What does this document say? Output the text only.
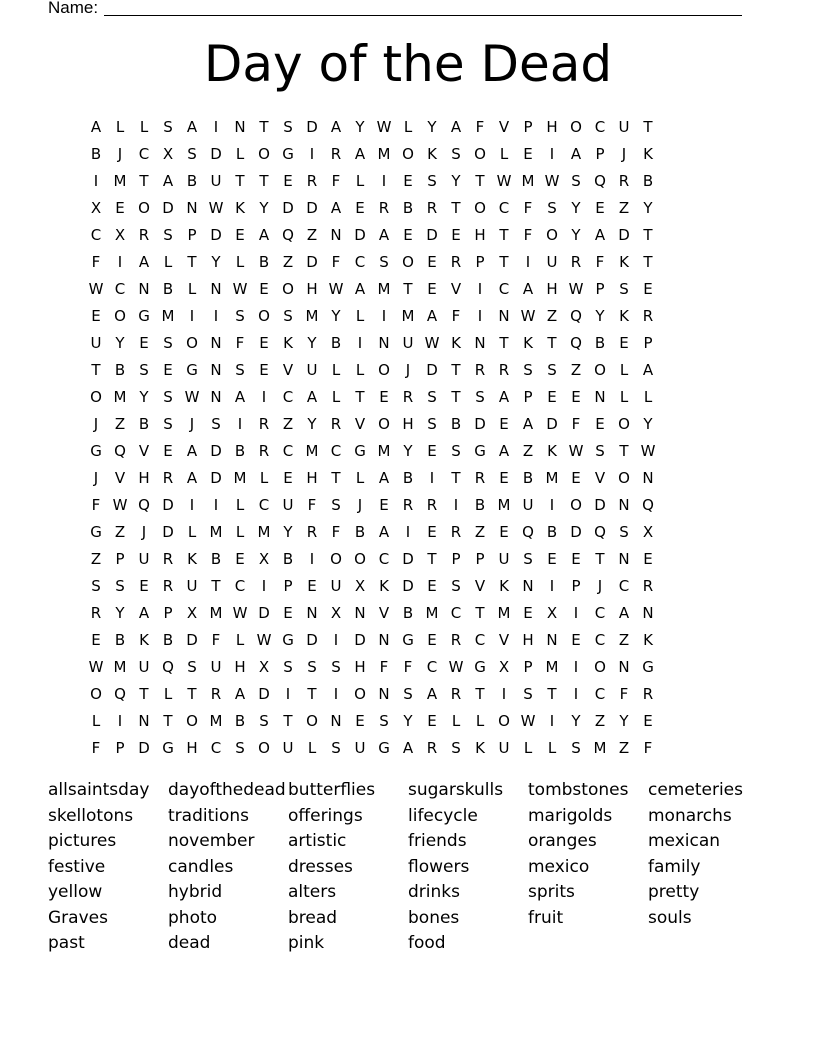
Name:
Day of the Dead
A L	L	S A	I	N T S D A Y W L	Y A F V P H O C U T
B	J	C X S D L O G	I	R A M O K S O L	E	I	A P	J	K
I	M T A B U T T E R F	L	I	E S Y T W M W S Q R B
X E O D N W K Y D D A E R B R T O C F S Y E Z Y
C X R S P D E A Q Z N D A E D E H T	F O Y A D T
F	I	A L	T Y	L B Z D F C S O E R P T	I	U R F K T
W C N B L N W E O H W A M T E V	I	C A H W P S E
E O G M	I	I	S O S M Y	L	I	M A F	I	N W Z Q Y K R
U Y E S O N F E K Y B	I	N U W K N T K T Q B E P
T B S E G N S E V U L	L O	J	D T R R S S Z O L A
O M Y S W N A	I	C A L	T E R S T S A P E E N L	L
J	Z B S	J	S	I	R Z Y R V O H S B D E A D F E O Y
G Q V E A D B R C M C G M Y E S G A Z K W S T W
J	V H R A D M L	E H T	L A B	I	T R E B M E V O N
F W Q D	I	I	L C U F S	J	E R R	I	B M U	I	O D N Q
G Z	J	D L M L M Y R F B A	I	E R Z E Q B D Q S X
Z P U R K B E X B	I	O O C D T P P U S E E T N E
S S E R U T C	I	P E U X K D E S V K N	I	P	J	C R
R Y A P X M W D E N X N V B M C T M E X	I	C A N
E B K B D F	L W G D	I	D N G E R C V H N E C Z K
W M U Q S U H X S S S H F	F C W G X P M	I	O N G
O Q T	L	T R A D	I	T	I	O N S A R T	I	S T	I	C F R
L	I	N T O M B S T O N E S Y E	L	L O W I	Y Z Y E
F	P D G H C S O U L	S U G A R S K U L	L	S M Z F
allsaintsday
skellotons
pictures
festive
yellow
Graves
past
dayofthedead
traditions
november
candles
hybrid
photo
dead
butterflies
offerings
artistic
dresses
alters
bread
pink
sugarskulls
lifecycle
friends
flowers
drinks
bones
food
tombstones
marigolds
oranges
mexico
sprits
fruit
cemeteries
monarchs
mexican
family
pretty
souls
